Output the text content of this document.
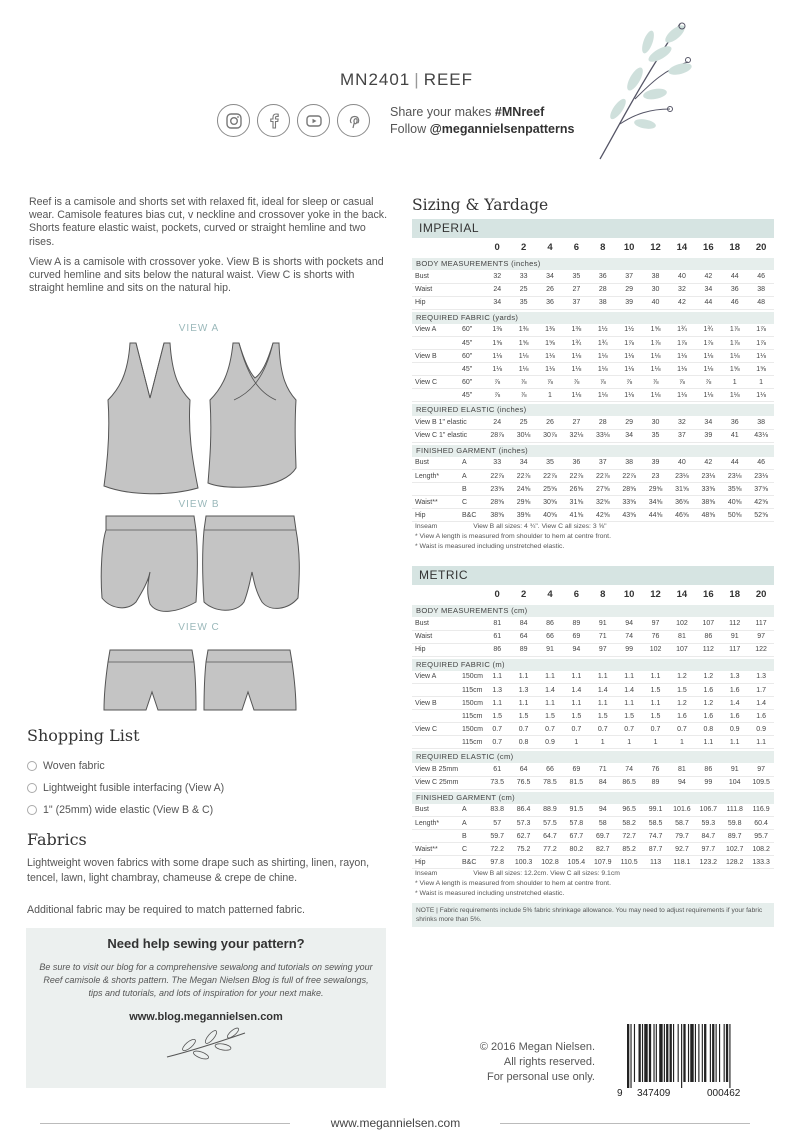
MN2401 | REEF
Share your makes #MNreef
Follow @megannielsenpatterns

Reef is a camisole and shorts set with relaxed fit, ideal for sleep or casual wear. Camisole features bias cut, v neckline and crossover yoke in the back. Shorts feature elastic waist, pockets, curved or straight hemline and two rises.

View A is a camisole with crossover yoke. View B is shorts with pockets and curved hemline and sits below the natural waist. View C is shorts with straight hemline and sits on the natural hip.

VIEW A
VIEW B
VIEW C
Shopping List
Woven fabric
Lightweight fusible interfacing (View A)
1" (25mm) wide elastic (View B & C)
Fabrics

Lightweight woven fabrics with some drape such as shirting, linen, rayon, tencel, lawn, light chambray, chameuse & crepe de chine.

Additional fabric may be required to match patterned fabric.

Need help sewing your pattern?
Be sure to visit our blog for a comprehensive sewalong and tutorials on sewing your Reef camisole & shorts pattern. The Megan Nielsen Blog is full of free sewalongs, tips and tutorials, and lots of inspiration for your next make.
www.blog.megannielsen.com
Sizing & Yardage
IMPERIAL
		0	2	4	6	8	10	12	14	16	18	20
BODY MEASUREMENTS (inches)
Bust	32	33	34	35	36	37	38	40	42	44	46
Waist	24	25	26	27	28	29	30	32	34	36	38
Hip	34	35	36	37	38	39	40	42	44	46	48
REQUIRED FABRIC (yards)
View A	60"	1⅜	1⅜	1⅜	1⅜	1½	1½	1⅝	1¾	1¾	1⅞	1⅞
	45"	1⅝	1⅝	1⅝	1¾	1¾	1⅞	1⅞	1⅞	1⅞	1⅞	1⅞
View B	60"	1⅛	1⅛	1⅛	1⅛	1⅛	1⅛	1⅛	1⅛	1⅛	1⅛	1⅛
	45"	1⅛	1⅛	1⅛	1⅛	1⅛	1⅛	1⅛	1⅛	1⅛	1⅝	1⅝
View C	60"	⅞	⅞	⅞	⅞	⅞	⅞	⅞	⅞	⅞	1	1
	45"	⅞	⅞	1	1⅛	1⅛	1⅛	1⅛	1⅛	1⅛	1⅛	1⅛
REQUIRED ELASTIC (inches)
View B 1" elastic	24	25	26	27	28	29	30	32	34	36	38
View C 1" elastic	28⅞	30⅛	30⅞	32⅛	33⅛	34	35	37	39	41	43⅛
FINISHED GARMENT (inches)
Bust	A	33	34	35	36	37	38	39	40	42	44	46
Length*	A	22⅞	22⅞	22⅞	22⅞	22⅞	22⅞	23	23⅛	23⅛	23⅛	23⅛
	B	23⅝	24⅝	25⅝	26⅝	27⅝	28⅝	29⅝	31⅝	33⅝	35⅝	37⅝
Waist**	C	28⅝	29⅝	30⅝	31⅝	32⅝	33⅝	34⅝	36⅝	38⅝	40⅝	42⅝
Hip	B&C	38⅝	39⅝	40⅝	41⅝	42⅝	43⅝	44⅝	46⅝	48⅝	50⅝	52⅝
Inseam	View B all sizes: 4 ¾". View C all sizes: 3 ⅝"
* View A length is measured from shoulder to hem at centre front.
* Waist is measured including unstretched elastic.
METRIC
		0	2	4	6	8	10	12	14	16	18	20
BODY MEASUREMENTS (cm)
Bust	81	84	86	89	91	94	97	102	107	112	117
Waist	61	64	66	69	71	74	76	81	86	91	97
Hip	86	89	91	94	97	99	102	107	112	117	122
REQUIRED FABRIC (m)
View A	150cm	1.1	1.1	1.1	1.1	1.1	1.1	1.1	1.2	1.2	1.3	1.3
	115cm	1.3	1.3	1.4	1.4	1.4	1.4	1.5	1.5	1.6	1.6	1.7
View B	150cm	1.1	1.1	1.1	1.1	1.1	1.1	1.1	1.2	1.2	1.4	1.4
	115cm	1.5	1.5	1.5	1.5	1.5	1.5	1.5	1.6	1.6	1.6	1.6
View C	150cm	0.7	0.7	0.7	0.7	0.7	0.7	0.7	0.7	0.8	0.9	0.9
	115cm	0.7	0.8	0.9	1	1	1	1	1	1.1	1.1	1.1
REQUIRED ELASTIC (cm)
View B 25mm	61	64	66	69	71	74	76	81	86	91	97
View C 25mm	73.5	76.5	78.5	81.5	84	86.5	89	94	99	104	109.5
FINISHED GARMENT (cm)
Bust	A	83.8	86.4	88.9	91.5	94	96.5	99.1	101.6	106.7	111.8	116.9
Length*	A	57	57.3	57.5	57.8	58	58.2	58.5	58.7	59.3	59.8	60.4
	B	59.7	62.7	64.7	67.7	69.7	72.7	74.7	79.7	84.7	89.7	95.7
Waist**	C	72.2	75.2	77.2	80.2	82.7	85.2	87.7	92.7	97.7	102.7	108.2
Hip	B&C	97.8	100.3	102.8	105.4	107.9	110.5	113	118.1	123.2	128.2	133.3
Inseam	View B all sizes: 12.2cm. View C all sizes: 9.1cm
* View A length is measured from shoulder to hem at centre front.
* Waist is measured including unstretched elastic.
NOTE | Fabric requirements include 5% fabric shrinkage allowance. You may need to adjust requirements if your fabric shrinks more than 5%.
© 2016 Megan Nielsen.
All rights reserved.
For personal use only.
9 347409	000462
www.megannielsen.com
